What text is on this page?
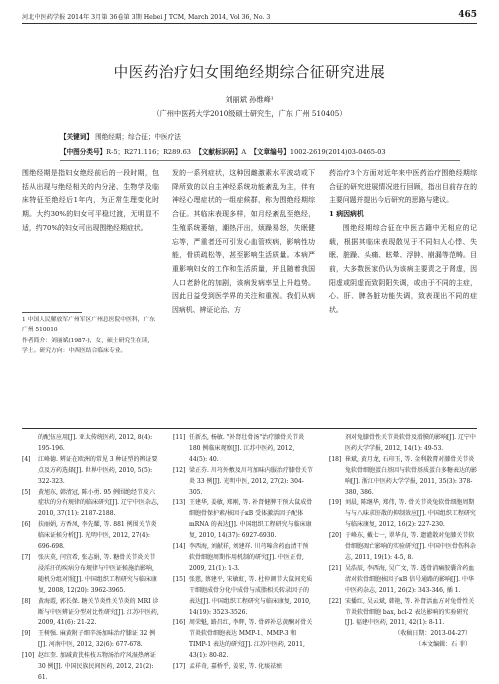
河北中医药学报 2014年 3月第 36卷第 3期 Hebei J TCM, March 2014, Vol 36, No. 3	465
中医药治疗妇女围绝经期综合征研究进展
刘丽斌 孙维峰¹
（广州中医药大学2010级硕士研究生，广东 广州 510405）
【关键词】 围绝经期；综合征；中医疗法
【中图分类号】R-5；R271.116；R289.63 【文献标识码】A 【文章编号】1002-2619(2014)03-0465-03
围绝经期是指妇女绝经前后的一段时期，包括从出现与绝经相关的内分泌、生物学及临床特征至绝经后1年内，为正常生理变化时期。大约30%的妇女可平稳过渡，无明显不适，约70%的妇女可出现围绝经期症状。
1 中国人民解放军广州军区广州总医院中医科，广东 广州 510010
作者简介：刘丽斌(1987-)，女，硕士研究生在读，学士。研究方向：中西医结合临床专业。
发的一系列症状，这种因雌激素水平波动或下降所致的以自主神经系统功能紊乱为主，伴有神经心理症状的一组症候群，称为围绝经期综合征。其临床表现多样，如月经紊乱至绝经，生殖系统萎缩，潮热汗出，烦躁易怒，失眠健忘等，严重者还可引发心血管疾病，影响性功能，骨质疏松等，甚至影响生活质量。本病严重影响妇女的工作和生活质量，并且随着我国人口老龄化的加剧，该病发病率呈上升趋势。因此日益受到医学界的关注和重视。我们从病因病机、辨证论治、方
药治疗3个方面对近年来中医药治疗围绝经期综合征的研究进展情况进行回顾，指出目前存在的主要问题并提出今后研究的思路与建议。
1 病因病机
围绝经期综合征在中医古籍中无相应的记载，根据其临床表现散见于不同妇人心悸、失眠、脏躁、头痛、眩晕、浮肿、崩漏等范畴。目前，大多数医家仍认为该病主要责之于肾虚，因阳虚或阴虚而致阴阳失调，或由于不同的主症，心、肝、脾各脏功能失调，致表现出不同的症状。
的配伍应用[J]. 亚太传统医药, 2012, 8(4): 195-196.
[4]	江峰德. 辨证在欧洲的常见 3 种证型的辨证要点及方药选择[J]. 世界中医药, 2010, 5(5): 322-323.
[5]	黄旭东, 韩清冠, 陈小勇. 95 例围绝经节皮六症状的分有规律的临床研究[J]. 辽宁中医杂志, 2010, 37(11): 2187-2188.
[6]	扶丽娟, 方香凤, 李先耀, 等. 881 例围关节炎临床证候分析[J]. 光明中医, 2012, 27(4): 696-698.
[7]	张庆莫, 闫宜希, 张志娟, 等. 糖骨关节炎关节浸淫汗的疾病分布规律与中医证候施治影响, 随机分组对照[J]. 中国组织工程研究与临床康复, 2008, 12(20): 3962-3965.
[8]	黄海霞, 郭长保. 糖关节炎性关节炎的 MRI 诊断与中医辨证分型对比性研究[J]. 江苏中医药, 2009, 41(6): 21-22.
[9]	王树强. 麻黄附子细辛汤加味治疗膝证 32 例[J]. 河南中医, 2012, 32(6): 677-678.
[10] 赵红奎. 加减黄芪桂枝五物汤治疗风湿热痹证 30 例[J]. 中国民族民间医药, 2012, 21(2): 61.
[11] 任新杰, 杨敏. "补肾壮骨汤"治疗膝骨关节炎 180 例临床观察[J]. 江苏中医药, 2012, 44(5): 40.
[12] 梁正芬. 川芎外敷及川芎加味内服治疗膝骨关节炎 33 例[J]. 光明中医, 2012, 27(2): 304-305.
[13] 王建华, 姜敏, 郑刚, 等. 补肾健脾干预大鼠成骨细胞骨保护素/核因子κB 受体激活因子配体 mRNA 的表达[J]. 中国组织工程研究与临床康复, 2010, 14(37): 6927-6930.
[14] 李西海, 刘献祥, 刘建祥. 川芎嗪含药血清干预软骨细胞周期作用机制的研究[J]. 中医正骨, 2009, 21(1): 1-3.
[15] 张慈, 蔡建平, 宋敏虹, 等. 杜仲调节大鼠间充质干细胞成骨分化中成骨与成脂相关转录因子的表达[J]. 中国组织工程研究与临床康复, 2010, 14(19): 3523-3526.
[16] 周荣魁, 路昌红, 李辉, 等. 骨碎补总黄酮对骨关节炎软骨细胞表达 MMP-1、MMP-3 和 TIMP-1 表达的研究[J]. 江苏中医药, 2011, 43(1): 80-82.
[17] 孟祥奇, 嘉桥乎, 姜宏, 等. 化痰祛瘀
剂对兔膝骨性关节炎软骨及滑膜的影响[J]. 辽宁中医药大学学报, 2012, 14(1): 49-53.
[18] 崔斌, 黄月龙, 石印玉, 等. 金利散膏对膝骨关节炎兔软骨细胞蛋白基因与软骨基质蛋白多糖表达的影响[J]. 浙江中医药大学学报, 2011, 35(3): 378-380, 386.
[19] 刘晨, 陈继华, 郑伟, 等. 骨关节炎兔软骨细胞周期与与八味求肝散的抑制效应[J]. 中国组织工程研究与临床康复, 2012, 16(2): 227-230.
[20] 于峰东, 戴七一, 翠华良, 等. 遗灌散对兔膝关节软骨细胞凋亡影响的实验研究[J]. 中国中医骨伤科杂志, 2011, 19(1): 4-5, 8.
[21] 吴浩辰, 李西海, 吴广文, 等. 透骨消痛胶囊含药血清对软骨细胞核因子κB 信号通路的影响[J]. 中华中医药杂志, 2011, 26(2): 343-346, 插 1.
[22] 宋播红, 吴云斌, 韩艳, 等. 补肾活血方对兔骨性关节炎软骨细胞 bax, bcl-2 表达影响的实验研究[J]. 福建中医药, 2011, 42(1): 8-11.
（收稿日期：2013-04-27）
（本文编辑：石 菲）
